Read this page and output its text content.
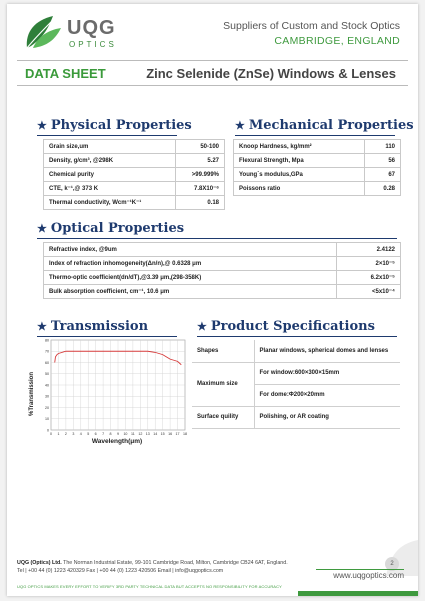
UQG
OPTICS
Suppliers of Custom and Stock Optics
CAMBRIDGE, ENGLAND
DATA SHEET	Zinc Selenide (ZnSe) Windows & Lenses
★ Physical Properties
Grain size,um	50-100
Density, g/cm³, @298K	5.27
Chemical purity	>99.999%
CTE, k⁻¹,@ 373 K	7.8X10⁻⁶
Thermal conductivity, Wcm⁻¹K⁻¹	0.18
★ Mechanical Properties
Knoop Hardness, kg/mm²	110
Flexural Strength, Mpa	56
Young`s modulus,GPa	67
Poissons ratio	0.28
★ Optical Properties
Refractive index, @9um	2.4122
Index of refraction inhomogeneity(Δn/n),@ 0.6328 μm	2×10⁻⁵
Thermo-optic coefficient(dn/dT),@3.39 μm,(298-358K)	6.2x10⁻⁵
Bulk absorption coefficient, cm⁻¹, 10.6 μm	<5x10⁻⁴
★ Transmission
0 1 2 3 4 5 6 7 8 9 10 11 12 13 14 15 16 17 18
0
10
20
30
40
50
60
70
80
%Transmission
Wavelength(μm)
★ Product Specifications
Shapes	Planar windows, spherical domes and lenses
Maximum size	For window:600×300×15mm
	For dome:Φ200×20mm
Surface quility	Polishing, or AR coating
2
UQG (Optics) Ltd. The Norman Industrial Estate, 99-101 Cambridge Road, Milton, Cambridge CB24 6AT, England.
Tel | +00 44 (0) 1223 420329 Fax | +00 44 (0) 1223 420506 Email | info@uqgoptics.com	www.uqgoptics.com
UQG OPTICS MAKES EVERY EFFORT TO VERIFY 3RD PARTY TECHNICAL DATA BUT ACCEPTS NO RESPONSIBILITY FOR ACCURACY
